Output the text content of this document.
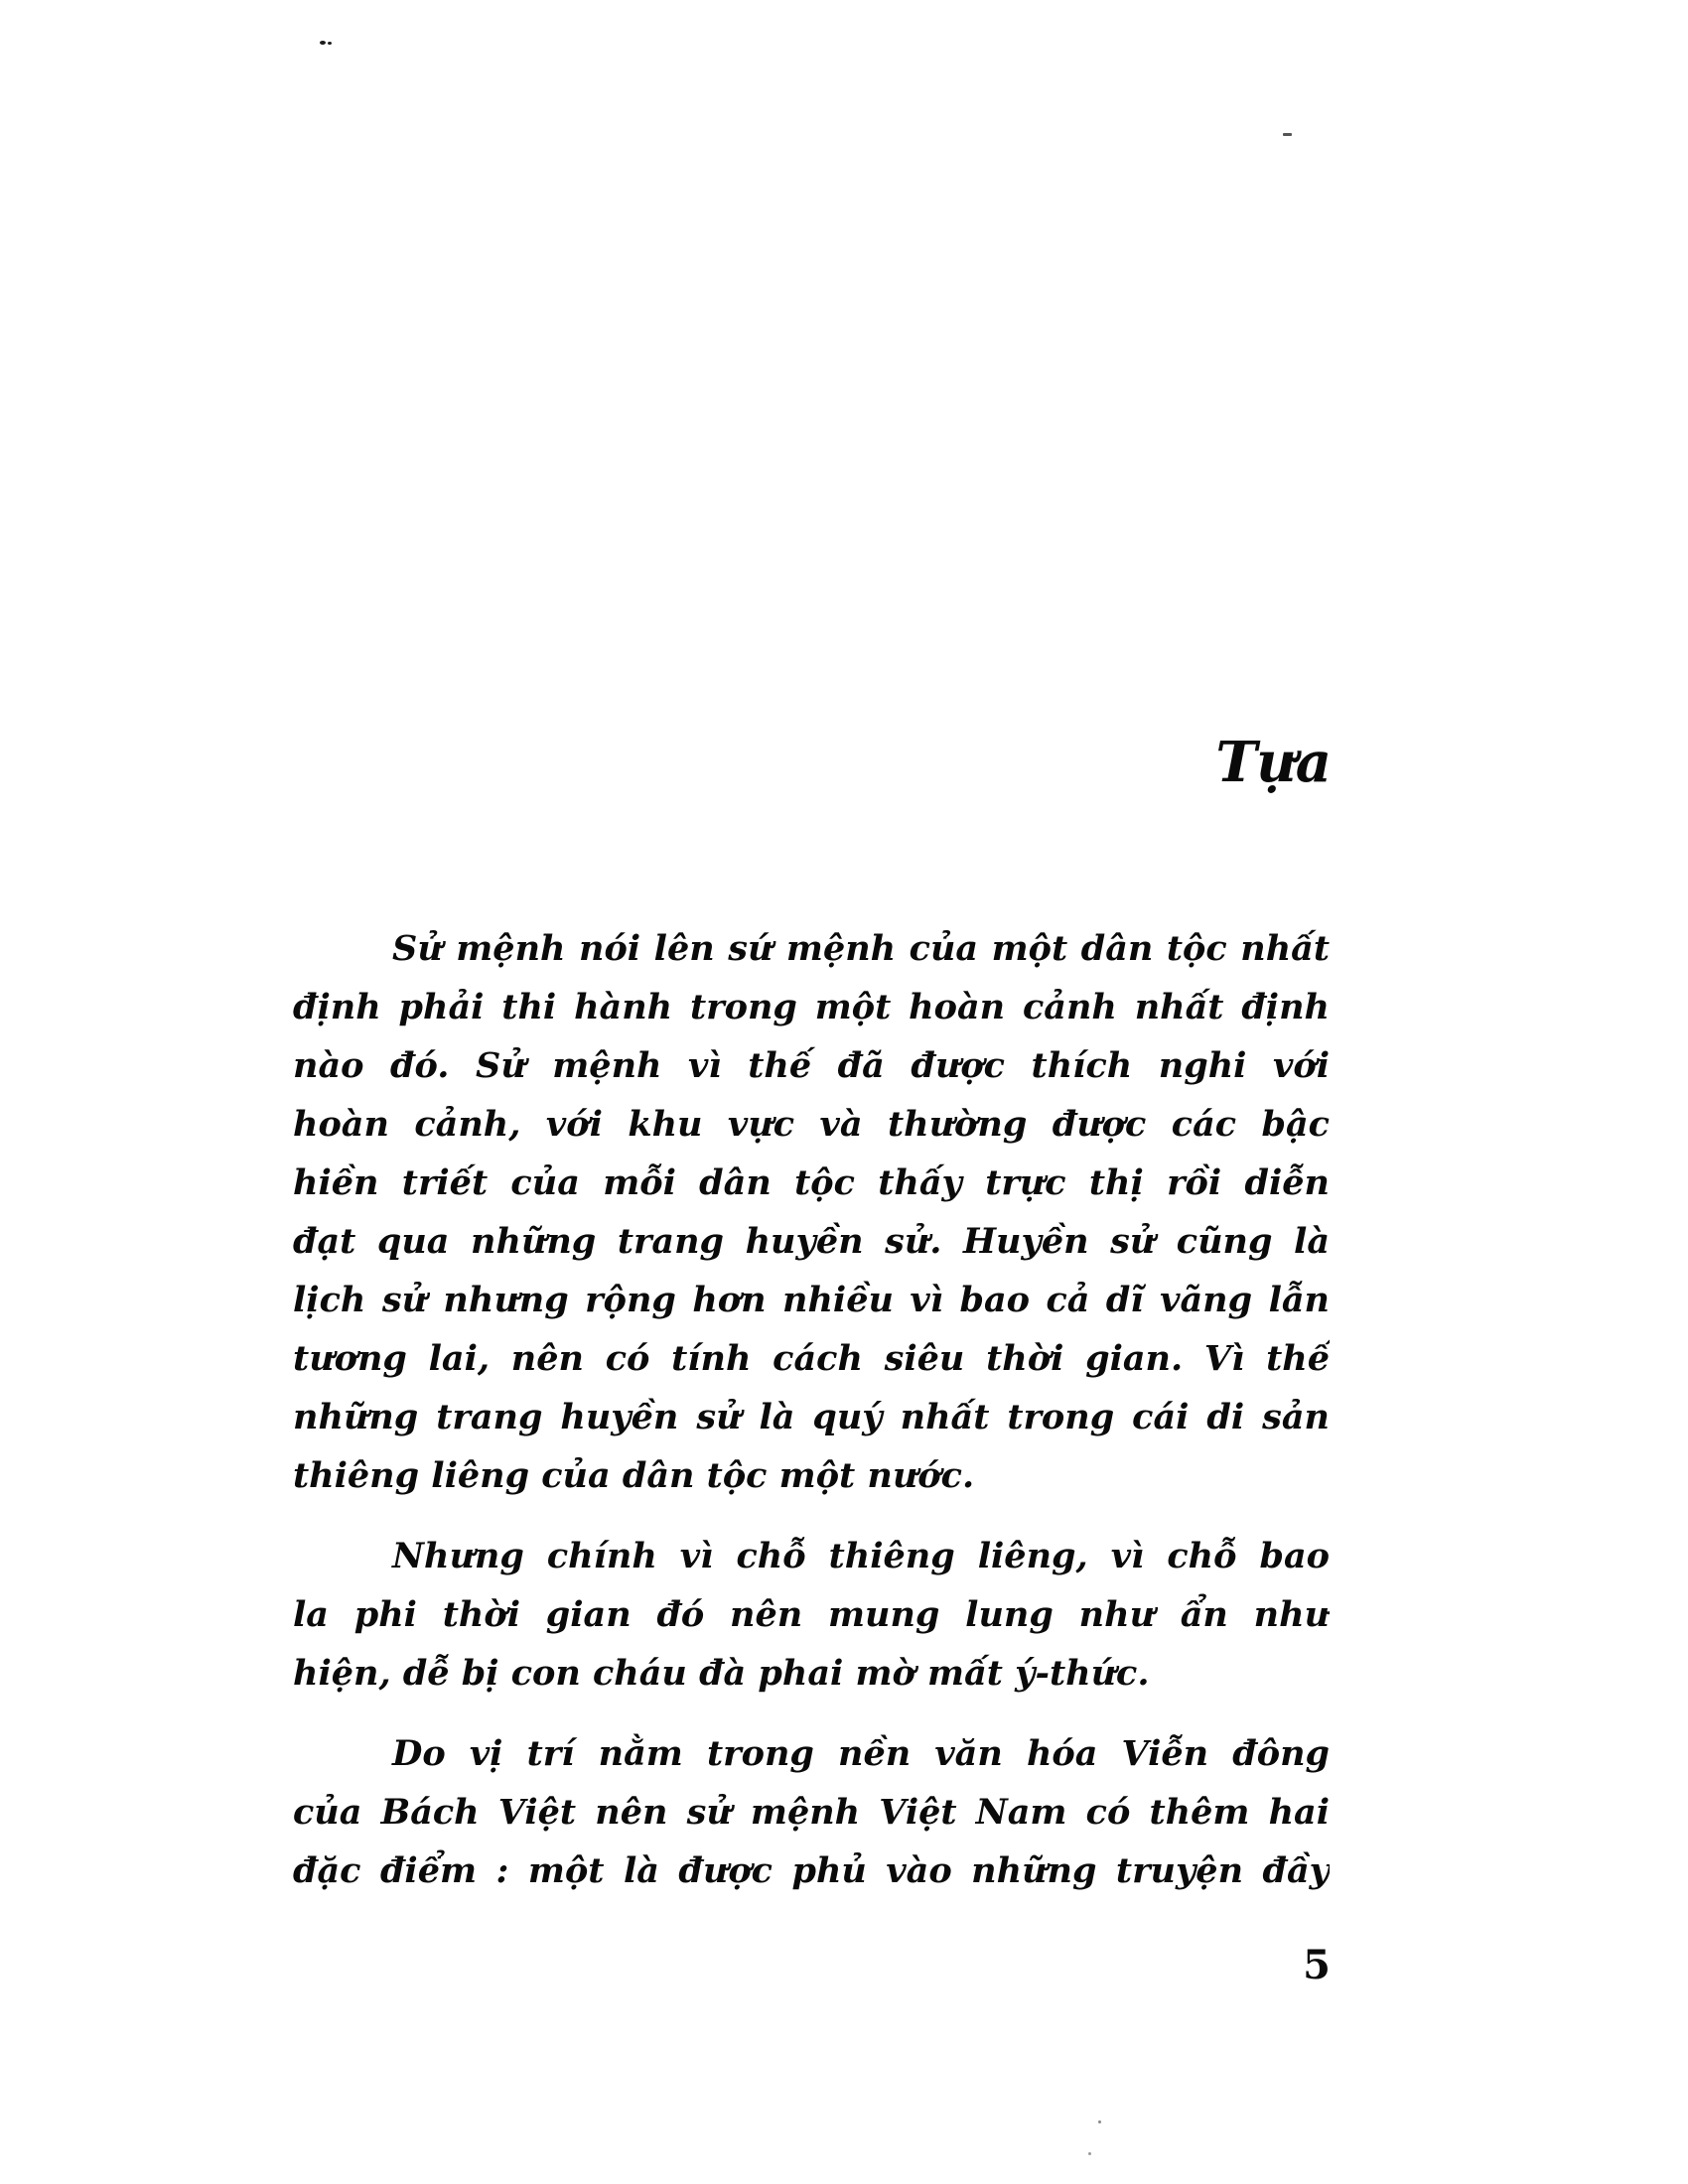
Tựa
Sử mệnh nói lên sứ mệnh của một dân tộc nhất
định phải thi hành trong một hoàn cảnh nhất định
nào đó. Sử mệnh vì thế đã được thích nghi với
hoàn cảnh, với khu vực và thường được các bậc
hiền triết của mỗi dân tộc thấy trực thị rồi diễn
đạt qua những trang huyền sử. Huyền sử cũng là
lịch sử nhưng rộng hơn nhiều vì bao cả dĩ vãng lẫn
tương lai, nên có tính cách siêu thời gian. Vì thế
những trang huyền sử là quý nhất trong cái di sản
thiêng liêng của dân tộc một nước.
Nhưng chính vì chỗ thiêng liêng, vì chỗ bao
la phi thời gian đó nên mung lung như ẩn như
hiện, dễ bị con cháu đà phai mờ mất ý-thức.
Do vị trí nằm trong nền văn hóa Viễn đông
của Bách Việt nên sử mệnh Việt Nam có thêm hai
đặc điểm : một là được phủ vào những truyện đầy
5
